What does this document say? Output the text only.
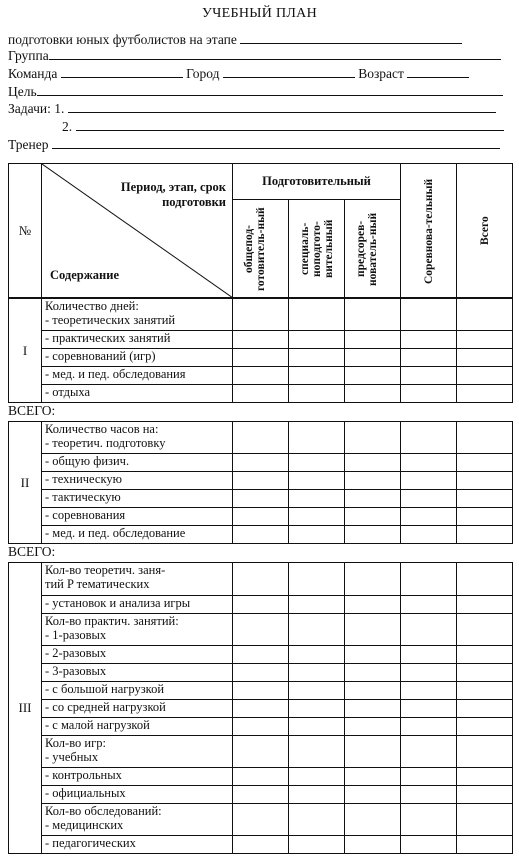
УЧЕБНЫЙ ПЛАН
подготовки юных футболистов на этапе
Группа
Команда	Город	Возраст
Цель
Задачи: 1.
2.
Тренер
№	Период, этап, срок подготовки
Содержание	Подготовительный			Соревнова-тельный	Всего

		общепод-готовитель-ный	специаль-ноподгото-вительный	предсорев-нователь-ный		
I	Количество дней:
- теоретических занятий					

	- практических занятий					
	- соревнований (игр)					
	- мед. и пед. обследования					
	- отдыха					
ВСЕГО:
II	Количество часов на:
- теоретич. подготовку					

	- общую физич.					
	- техническую					
	- тактическую					
	- соревнования					
	- мед. и пед. обследование					
ВСЕГО:
III	Кол-во теоретич. заня-
тий P тематических					

	- установок и анализа игры					

	Кол-во практич. занятий:
- 1-разовых					

	- 2-разовых					
	- 3-разовых					
	- с большой нагрузкой					
	- со средней нагрузкой					
	- с малой нагрузкой					

	Кол-во игр:
- учебных					

	- контрольных					
	- официальных					

	Кол-во обследований:
- медицинских					

	- педагогических					
